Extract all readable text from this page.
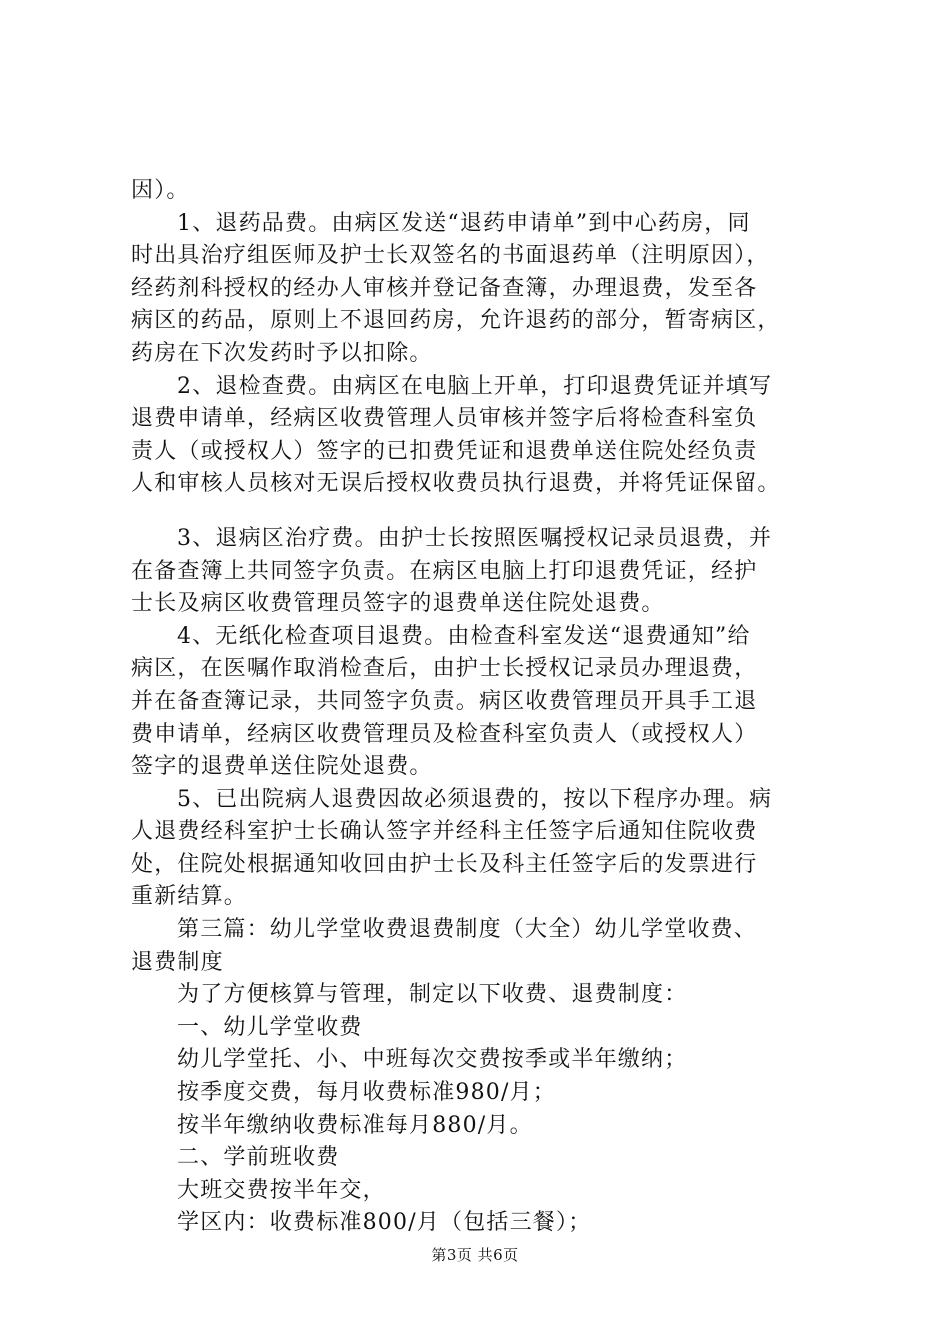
因）。
1、退药品费。由病区发送“退药申请单”到中心药房，同
时出具治疗组医师及护士长双签名的书面退药单（注明原因），
经药剂科授权的经办人审核并登记备查簿，办理退费，发至各
病区的药品，原则上不退回药房，允许退药的部分，暂寄病区，
药房在下次发药时予以扣除。
2、退检查费。由病区在电脑上开单，打印退费凭证并填写
退费申请单，经病区收费管理人员审核并签字后将检查科室负
责人（或授权人）签字的已扣费凭证和退费单送住院处经负责
人和审核人员核对无误后授权收费员执行退费，并将凭证保留。
3、退病区治疗费。由护士长按照医嘱授权记录员退费，并
在备查簿上共同签字负责。在病区电脑上打印退费凭证，经护
士长及病区收费管理员签字的退费单送住院处退费。
4、无纸化检查项目退费。由检查科室发送“退费通知”给
病区，在医嘱作取消检查后，由护士长授权记录员办理退费，
并在备查簿记录，共同签字负责。病区收费管理员开具手工退
费申请单，经病区收费管理员及检查科室负责人（或授权人）
签字的退费单送住院处退费。
5、已出院病人退费因故必须退费的，按以下程序办理。病
人退费经科室护士长确认签字并经科主任签字后通知住院收费
处，住院处根据通知收回由护士长及科主任签字后的发票进行
重新结算。
第三篇：幼儿学堂收费退费制度（大全）幼儿学堂收费、
退费制度
为了方便核算与管理，制定以下收费、退费制度：
一、幼儿学堂收费
幼儿学堂托、小、中班每次交费按季或半年缴纳；
按季度交费，每月收费标准980/月；
按半年缴纳收费标准每月880/月。
二、学前班收费
大班交费按半年交，
学区内：收费标准800/月（包括三餐）；
第3页 共6页
